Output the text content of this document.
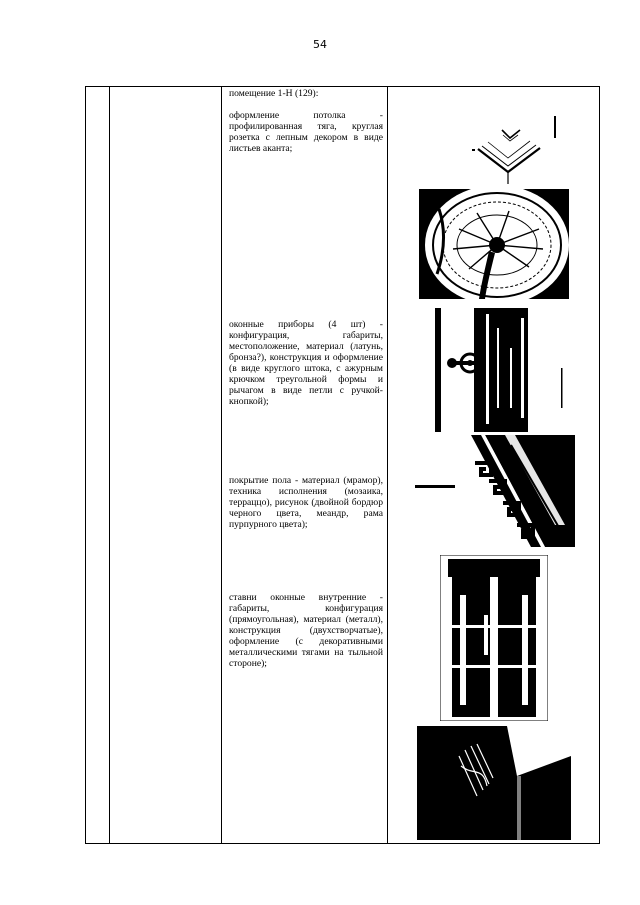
54

помещение 1-Н (129):

оформление потолка - профилированная тяга, круглая розетка с лепным декором в виде листьев аканта;

оконные приборы (4 шт) - конфигурация, габариты, местоположение, материал (латунь, бронза?), конструкция и оформление (в виде круглого штока, с ажурным крючком треугольной формы и рычагом в виде петли с ручкой- кнопкой);

покрытие пола - материал (мрамор), техника исполнения (мозаика, терраццо), рисунок (двойной бордюр черного цвета, меандр, рама пурпурного цвета);

ставни оконные внутренние - габариты, конфигурация (прямоугольная), материал (металл), конструкция (двухстворчатые), оформление (с декоративными металлическими тягами на тыльной стороне);
